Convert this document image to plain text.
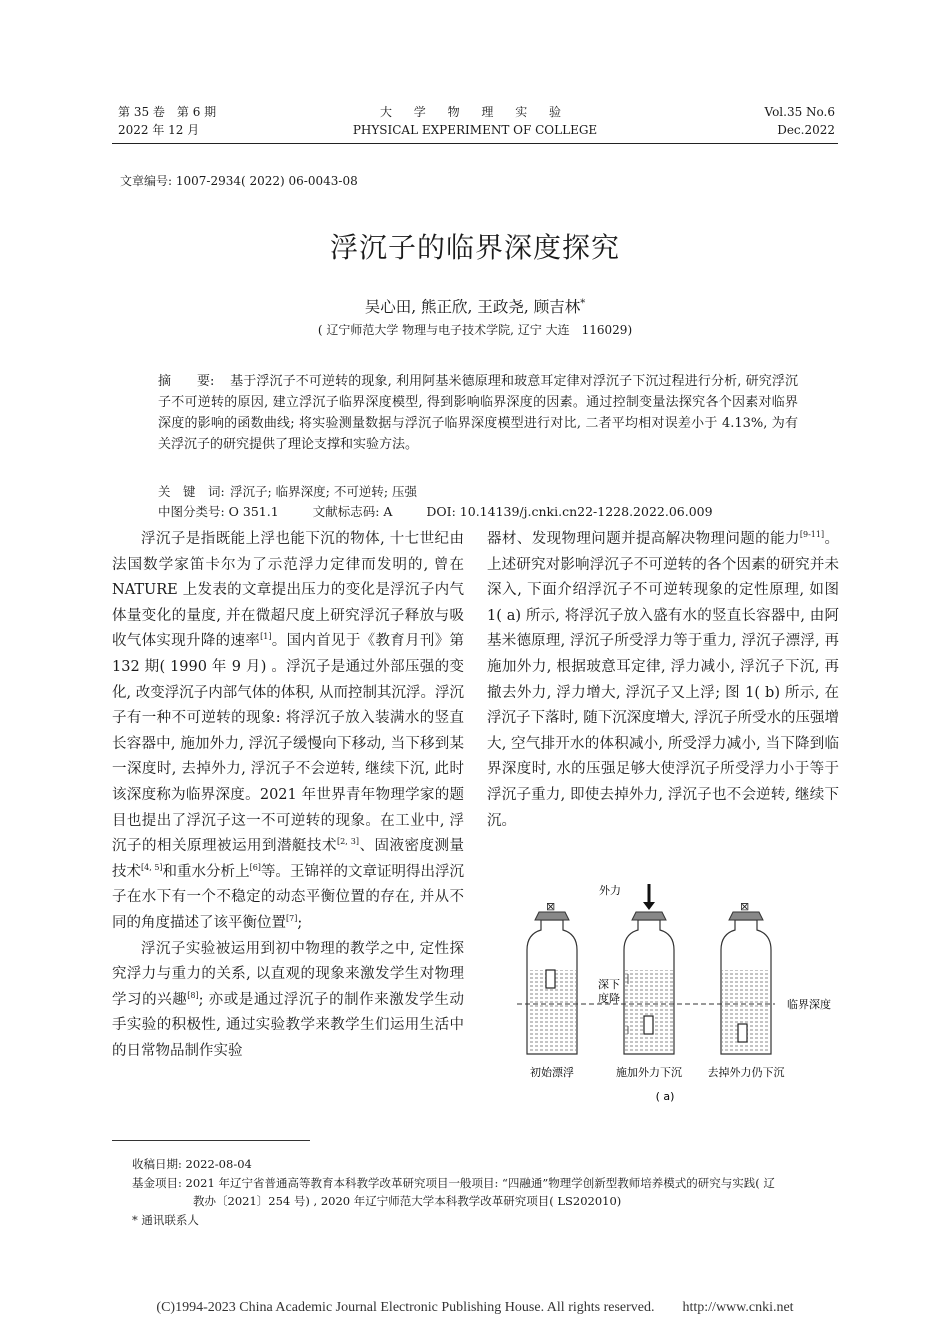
第 35 卷　第 6 期
2022 年 12 月
大 学 物 理 实 验
PHYSICAL EXPERIMENT OF COLLEGE
Vol.35 No.6
Dec.2022
文章编号: 1007-2934( 2022) 06-0043-08
浮沉子的临界深度探究
吴心田, 熊正欣, 王政尧, 顾吉林*
( 辽宁师范大学 物理与电子技术学院, 辽宁 大连　116029)
摘　　要: 基于浮沉子不可逆转的现象, 利用阿基米德原理和玻意耳定律对浮沉子下沉过程进行分析, 研究浮沉子不可逆转的原因, 建立浮沉子临界深度模型, 得到影响临界深度的因素。通过控制变量法探究各个因素对临界深度的影响的函数曲线; 将实验测量数据与浮沉子临界深度模型进行对比, 二者平均相对误差小于 4.13%, 为有关浮沉子的研究提供了理论支撑和实验方法。
关　键　词: 浮沉子; 临界深度; 不可逆转; 压强
中图分类号: O 351.1	文献标志码: A	DOI: 10.14139/j.cnki.cn22-1228.2022.06.009

浮沉子是指既能上浮也能下沉的物体, 十七世纪由法国数学家笛卡尔为了示范浮力定律而发明的, 曾在 NATURE 上发表的文章提出压力的变化是浮沉子内气体量变化的量度, 并在微超尺度上研究浮沉子释放与吸收气体实现升降的速率[1]。国内首见于《教育月刊》第 132 期( 1990 年 9 月) 。浮沉子是通过外部压强的变化, 改变浮沉子内部气体的体积, 从而控制其沉浮。浮沉子有一种不可逆转的现象: 将浮沉子放入装满水的竖直长容器中, 施加外力, 浮沉子缓慢向下移动, 当下移到某一深度时, 去掉外力, 浮沉子不会逆转, 继续下沉, 此时该深度称为临界深度。2021 年世界青年物理学家的题目也提出了浮沉子这一不可逆转的现象。在工业中, 浮沉子的相关原理被运用到潜艇技术[2, 3]、固液密度测量技术[4, 5]和重水分析上[6]等。王锦祥的文章证明得出浮沉子在水下有一个不稳定的动态平衡位置的存在, 并从不同的角度描述了该平衡位置[7];

浮沉子实验被运用到初中物理的教学之中, 定性探究浮力与重力的关系, 以直观的现象来激发学生对物理学习的兴趣[8]; 亦或是通过浮沉子的制作来激发学生动手实验的积极性, 通过实验教学来教学生们运用生活中的日常物品制作实验

器材、发现物理问题并提高解决物理问题的能力[9-11]。上述研究对影响浮沉子不可逆转的各个因素的研究并未深入, 下面介绍浮沉子不可逆转现象的定性原理, 如图 1( a) 所示, 将浮沉子放入盛有水的竖直长容器中, 由阿基米德原理, 浮沉子所受浮力等于重力, 浮沉子漂浮, 再施加外力, 根据玻意耳定律, 浮力减小, 浮沉子下沉, 再撤去外力, 浮力增大, 浮沉子又上浮; 图 1( b) 所示, 在浮沉子下落时, 随下沉深度增大, 浮沉子所受水的压强增大, 空气排开水的体积减小, 所受浮力减小, 当下降到临界深度时, 水的压强足够大使浮沉子所受浮力小于等于浮沉子重力, 即使去掉外力, 浮沉子也不会逆转, 继续下沉。

⊠	⊠
外力
深下
度降	临界深度
初始漂浮	施加外力下沉 去掉外力仍下沉
( a)
收稿日期: 2022-08-04
基金项目: 2021 年辽宁省普通高等教育本科教学改革研究项目一般项目: “四融通”物理学创新型教师培养模式的研究与实践( 辽
教办〔2021〕254 号) , 2020 年辽宁师范大学本科教学改革研究项目( LS202010)
* 通讯联系人
(C)1994-2023 China Academic Journal Electronic Publishing House. All rights reserved.　　http://www.cnki.net
